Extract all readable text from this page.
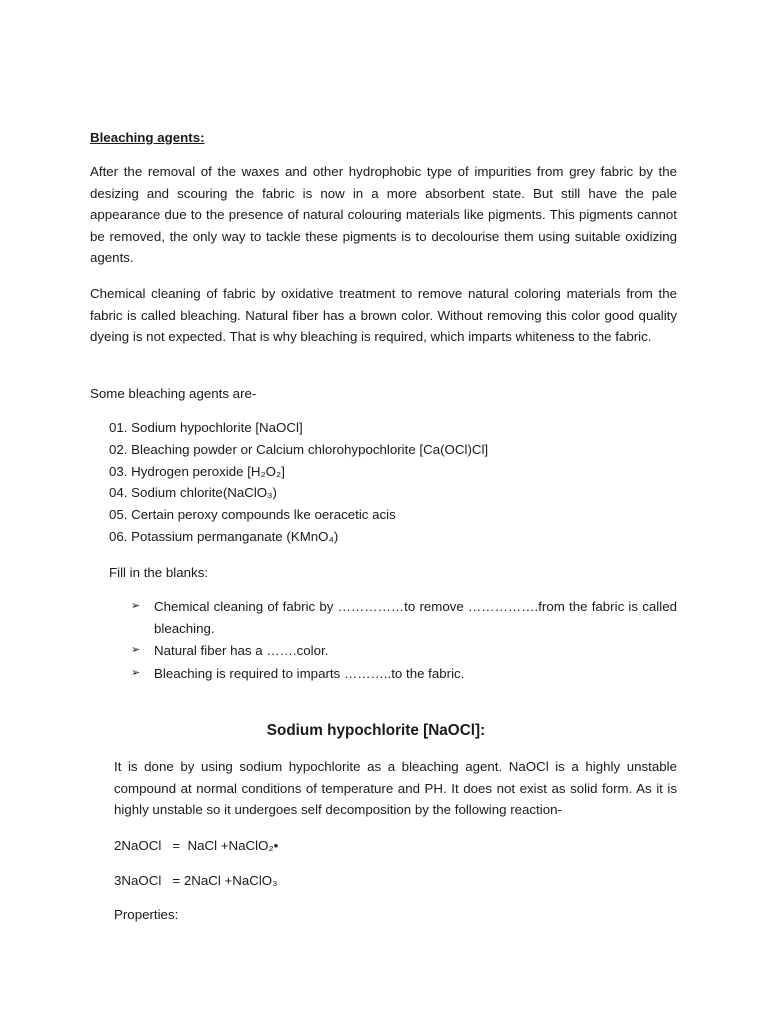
Bleaching agents:

After the removal of the waxes and other hydrophobic type of impurities from grey fabric by the desizing and scouring the fabric is now in a more absorbent state. But still have the pale appearance due to the presence of natural colouring materials like pigments. This pigments cannot be removed, the only way to tackle these pigments is to decolourise them using suitable oxidizing agents.

Chemical cleaning of fabric by oxidative treatment to remove natural coloring materials from the fabric is called bleaching. Natural fiber has a brown color. Without removing this color good quality dyeing is not expected. That is why bleaching is required, which imparts whiteness to the fabric.

Some bleaching agents are-

01. Sodium hypochlorite [NaOCl]
02. Bleaching powder or Calcium chlorohypochlorite [Ca(OCl)Cl]
03. Hydrogen peroxide [H₂O₂]
04. Sodium chlorite(NaClO₃)
05. Certain peroxy compounds lke oeracetic acis
06. Potassium permanganate (KMnO₄)
Fill in the blanks:
➢ Chemical cleaning of fabric by ……………to remove …………….from the fabric is called bleaching.
➢ Natural fiber has a …….color.
➢ Bleaching is required to imparts ………..to the fabric.
Sodium hypochlorite [NaOCl]:

It is done by using sodium hypochlorite as a bleaching agent. NaOCl is a highly unstable compound at normal conditions of temperature and PH. It does not exist as solid form. As it is highly unstable so it undergoes self decomposition by the following reaction-

2NaOCl   =  NaCl +NaClO₂•
3NaOCl   = 2NaCl +NaClO₃
Properties:
